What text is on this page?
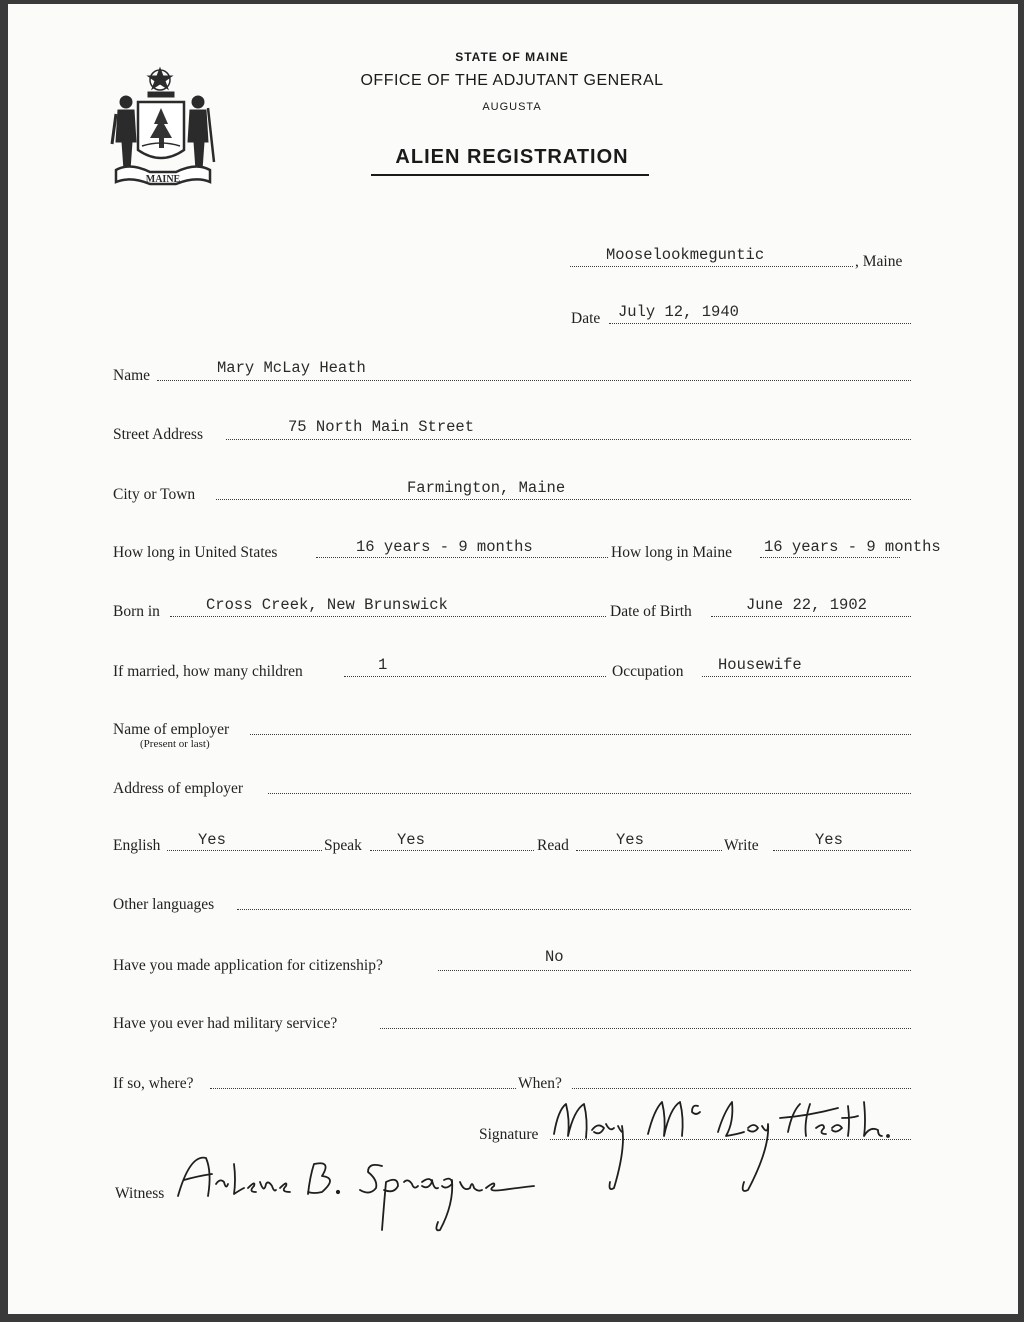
MAINE
STATE OF MAINE
OFFICE OF THE ADJUTANT GENERAL
AUGUSTA
ALIEN REGISTRATION
Mooselookmeguntic	, Maine
Date July 12, 1940
Name	Mary McLay Heath
Street Address	75 North Main Street
City or Town	Farmington, Maine
How long in United States	16 years - 9 months	How long in Maine 16 years - 9 months
Born in	Cross Creek, New Brunswick	Date of Birth	June 22, 1902
If married, how many children	1	Occupation Housewife
Name of employer
(Present or last)
Address of employer
English Yes	Speak Yes	Read	Yes	Write	Yes
Other languages
Have you made application for citizenship?	No
Have you ever had military service?
If so, where?	When?
Signature
Witness
